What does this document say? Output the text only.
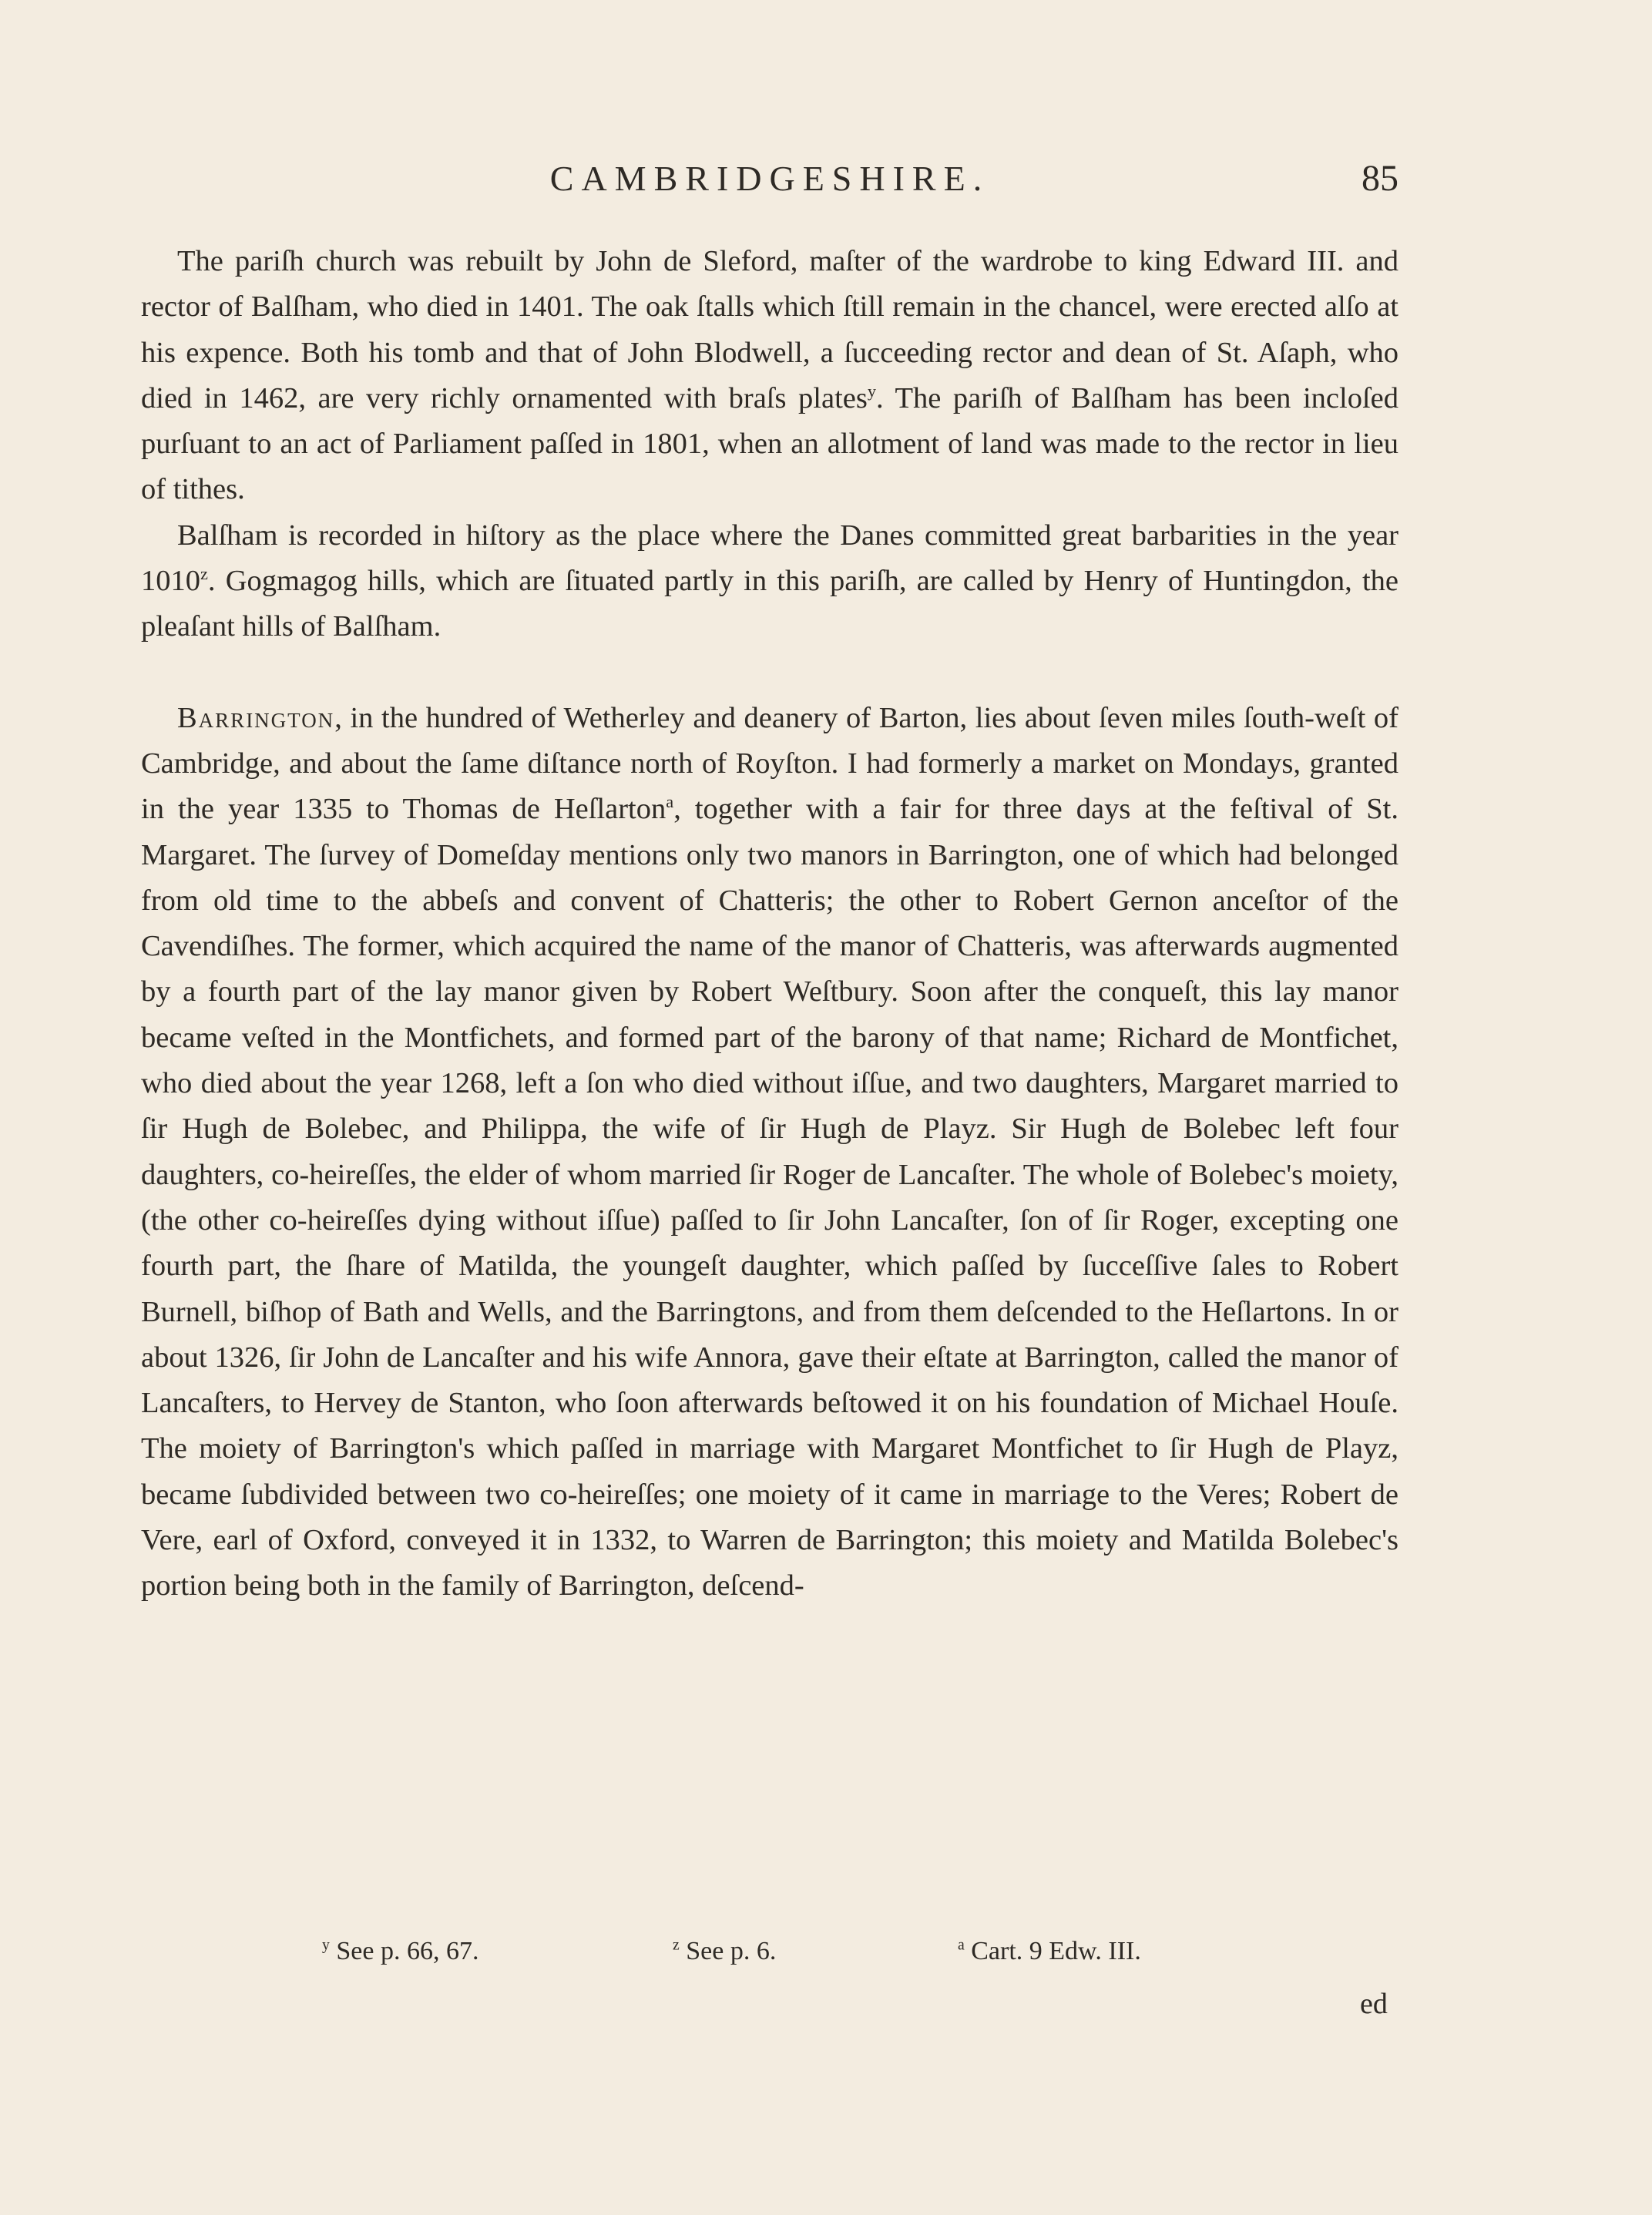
CAMBRIDGESHIRE.	85

The pariſh church was rebuilt by John de Sleford, maſter of the wardrobe to king Edward III. and rector of Balſham, who died in 1401. The oak ſtalls which ſtill remain in the chancel, were erected alſo at his expence. Both his tomb and that of John Blodwell, a ſucceeding rector and dean of St. Aſaph, who died in 1462, are very richly ornamented with braſs plates$^y$. The pariſh of Balſham has been incloſed purſuant to an act of Parliament paſſed in 1801, when an allotment of land was made to the rector in lieu of tithes.

Balſham is recorded in hiſtory as the place where the Danes committed great barbarities in the year 1010$^z$. Gogmagog hills, which are ſituated partly in this pariſh, are called by Henry of Huntingdon, the pleaſant hills of Balſham.

Barrington, in the hundred of Wetherley and deanery of Barton, lies about ſeven miles ſouth-weſt of Cambridge, and about the ſame diſtance north of Royſton. I had formerly a market on Mondays, granted in the year 1335 to Thomas de Heſlarton$^a$, together with a fair for three days at the feſtival of St. Margaret. The ſurvey of Domeſday mentions only two manors in Barrington, one of which had belonged from old time to the abbeſs and convent of Chatteris; the other to Robert Gernon anceſtor of the Cavendiſhes. The former, which acquired the name of the manor of Chatteris, was afterwards augmented by a fourth part of the lay manor given by Robert Weſtbury. Soon after the conqueſt, this lay manor became veſted in the Montfichets, and formed part of the barony of that name; Richard de Montfichet, who died about the year 1268, left a ſon who died without iſſue, and two daughters, Margaret married to ſir Hugh de Bolebec, and Philippa, the wife of ſir Hugh de Playz. Sir Hugh de Bolebec left four daughters, co-heireſſes, the elder of whom married ſir Roger de Lancaſter. The whole of Bolebec's moiety, (the other co-heireſſes dying without iſſue) paſſed to ſir John Lancaſter, ſon of ſir Roger, excepting one fourth part, the ſhare of Matilda, the youngeſt daughter, which paſſed by ſucceſſive ſales to Robert Burnell, biſhop of Bath and Wells, and the Barringtons, and from them deſcended to the Heſlartons. In or about 1326, ſir John de Lancaſter and his wife Annora, gave their eſtate at Barrington, called the manor of Lancaſters, to Hervey de Stanton, who ſoon afterwards beſtowed it on his foundation of Michael Houſe. The moiety of Barrington's which paſſed in marriage with Margaret Montfichet to ſir Hugh de Playz, became ſubdivided between two co-heireſſes; one moiety of it came in marriage to the Veres; Robert de Vere, earl of Oxford, conveyed it in 1332, to Warren de Barrington; this moiety and Matilda Bolebec's portion being both in the family of Barrington, deſcend-

$^y$ See p. 66, 67.	$^z$ See p. 6.	$^a$ Cart. 9 Edw. III.
ed
